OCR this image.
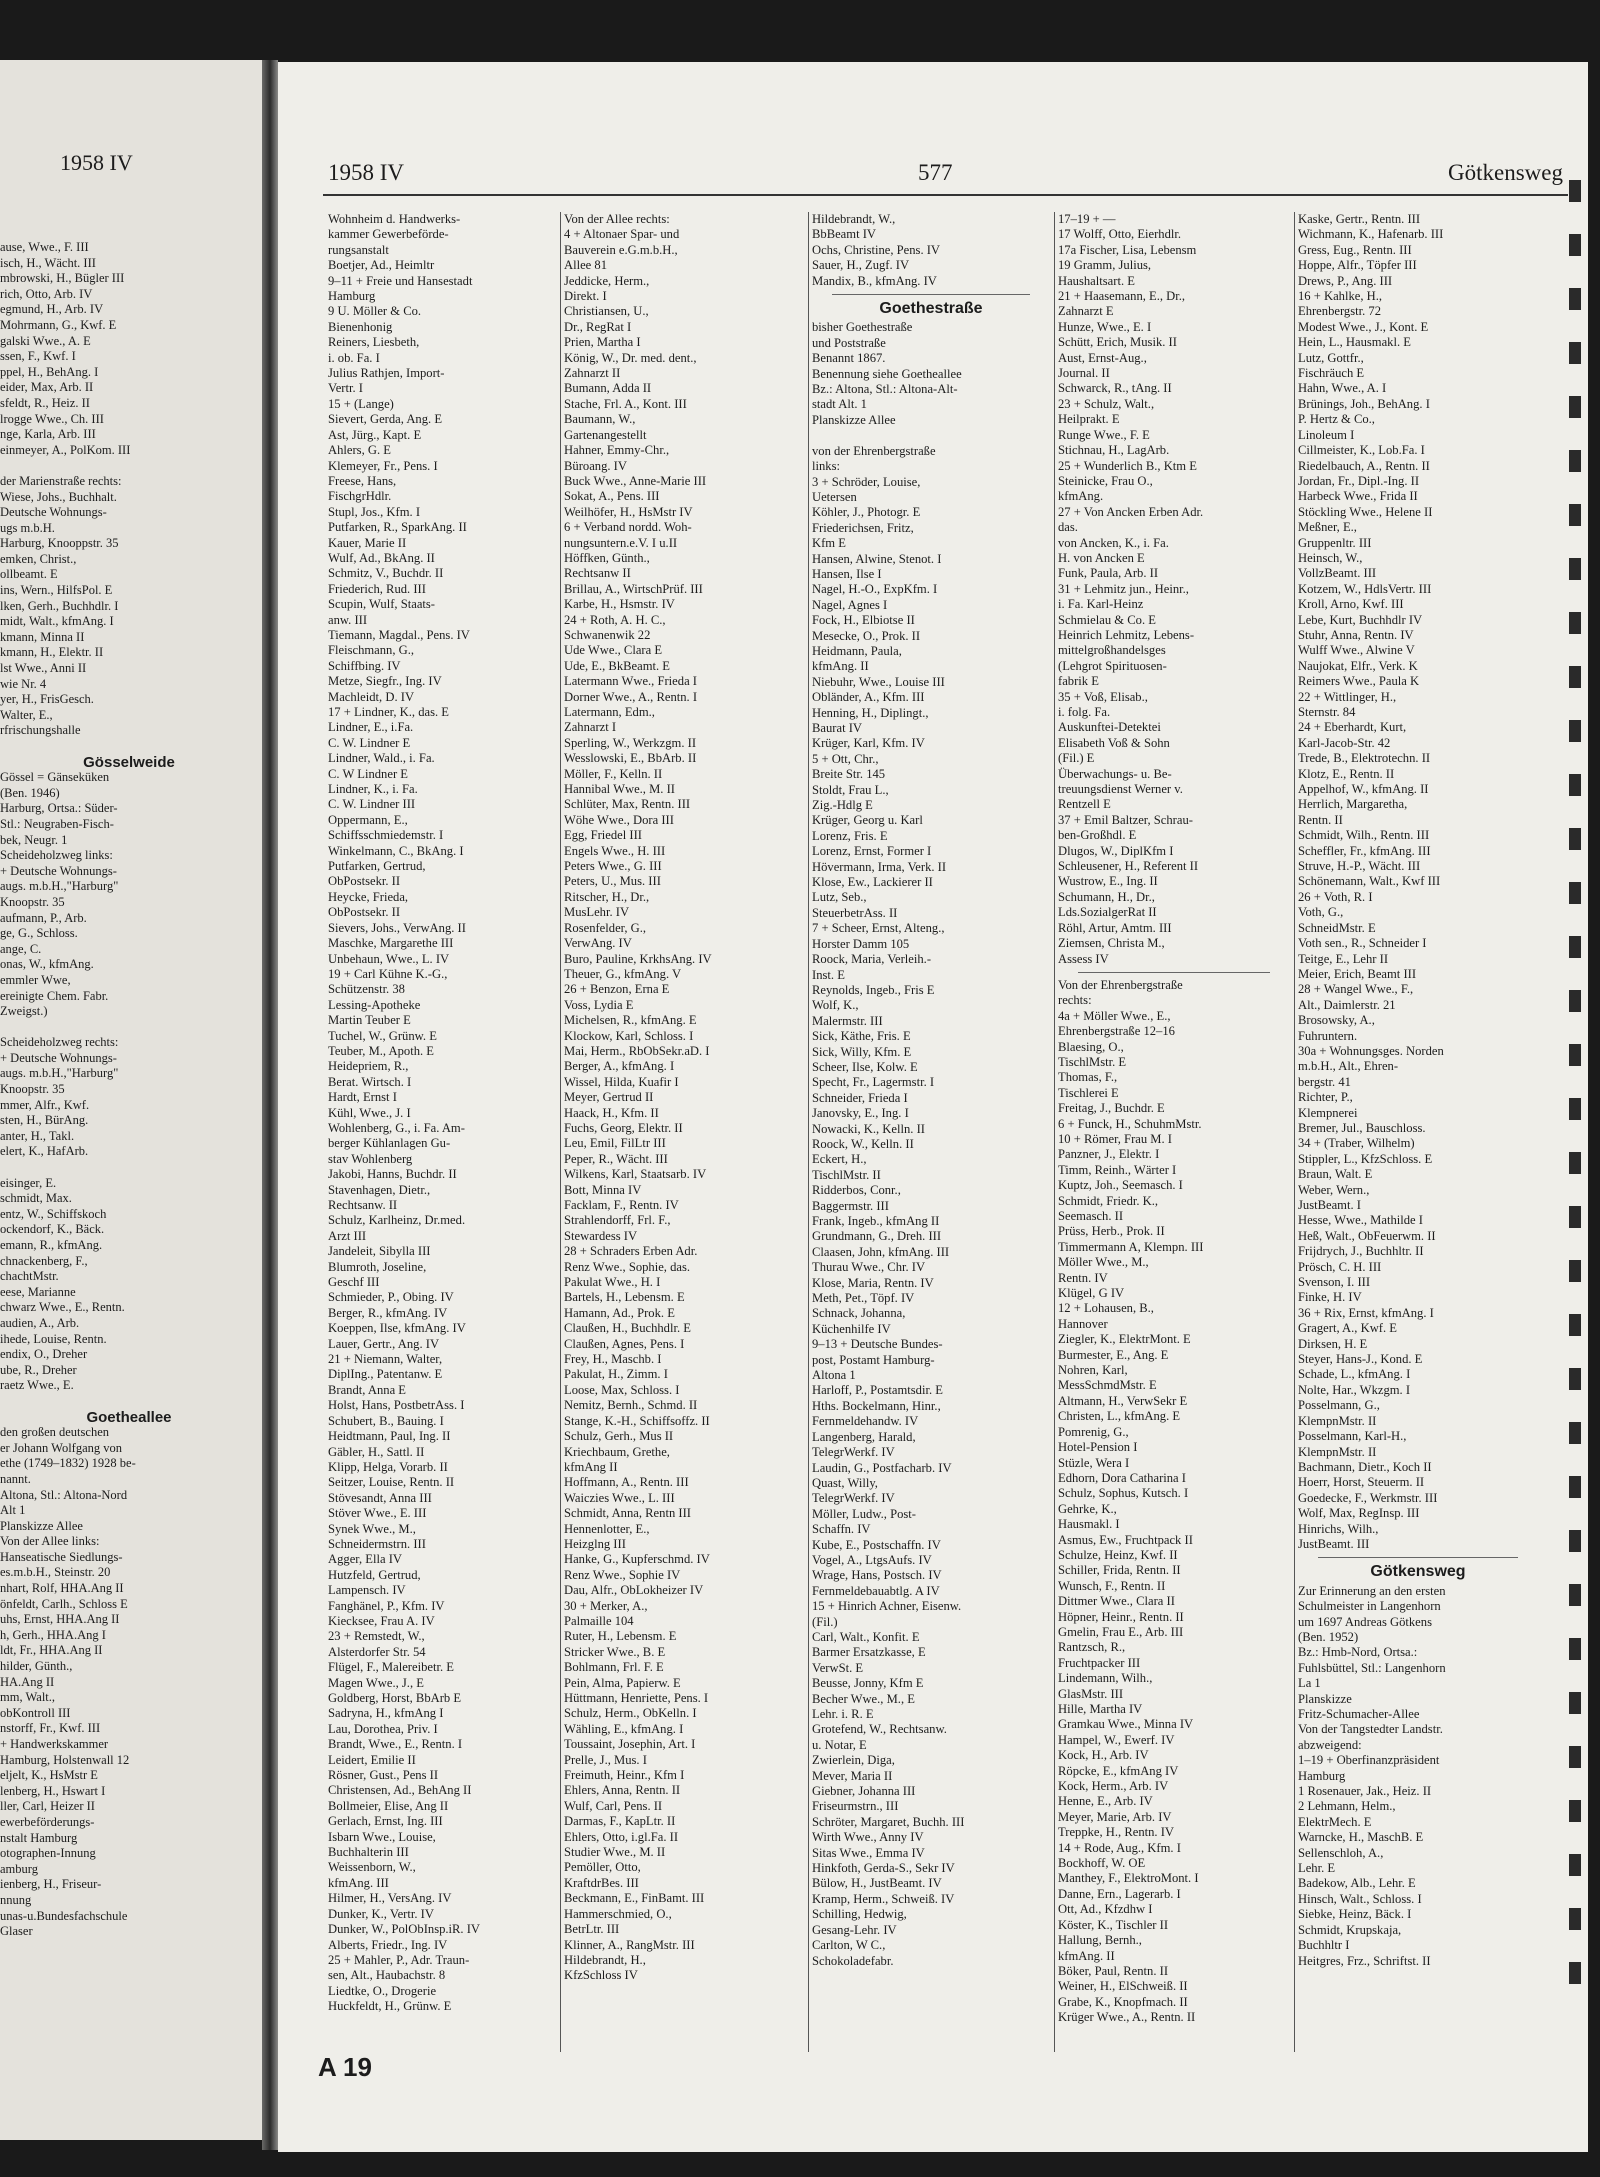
1958 IV
ause, Wwe., F. III
isch, H., Wächt. III
mbrowski, H., Bügler III
rich, Otto, Arb. IV
egmund, H., Arb. IV
Mohrmann, G., Kwf. E
galski Wwe., A. E
ssen, F., Kwf. I
ppel, H., BehAng. I
eider, Max, Arb. II
sfeldt, R., Heiz. II
lrogge Wwe., Ch. III
nge, Karla, Arb. III
einmeyer, A., PolKom. III

der Marienstraße rechts:
Wiese, Johs., Buchhalt.
Deutsche Wohnungs-
ugs m.b.H.
Harburg, Knooppstr. 35
emken, Christ.,
ollbeamt. E
ins, Wern., HilfsPol. E
lken, Gerh., Buchhdlr. I
midt, Walt., kfmAng. I
kmann, Minna II
kmann, H., Elektr. II
lst Wwe., Anni II
wie Nr. 4
yer, H., FrisGesch.
Walter, E.,
rfrischungshalle

Gösselweide
Gössel = Gänseküken
(Ben. 1946)
Harburg, Ortsa.: Süder-
Stl.: Neugraben-Fisch-
bek, Neugr. 1
Scheideholzweg links:
+ Deutsche Wohnungs-
augs. m.b.H.,"Harburg"
Knoopstr. 35
aufmann, P., Arb.
ge, G., Schloss.
ange, C.
onas, W., kfmAng.
emmler Wwe,
ereinigte Chem. Fabr.
Zweigst.)

Scheideholzweg rechts:
+ Deutsche Wohnungs-
augs. m.b.H.,"Harburg"
Knoopstr. 35
mmer, Alfr., Kwf.
sten, H., BürAng.
anter, H., Takl.
elert, K., HafArb.

eisinger, E.
schmidt, Max.
entz, W., Schiffskoch
ockendorf, K., Bäck.
emann, R., kfmAng.
chnackenberg, F.,
chachtMstr.
eese, Marianne
chwarz Wwe., E., Rentn.
audien, A., Arb.
ihede, Louise, Rentn.
endix, O., Dreher
ube, R., Dreher
raetz Wwe., E.

Goetheallee
den großen deutschen
er Johann Wolfgang von
ethe (1749–1832) 1928 be-
nannt.
Altona, Stl.: Altona-Nord
Alt 1
Planskizze Allee
Von der Allee links:
Hanseatische Siedlungs-
es.m.b.H., Steinstr. 20
nhart, Rolf, HHA.Ang II
önfeldt, Carlh., Schloss E
uhs, Ernst, HHA.Ang II
h, Gerh., HHA.Ang I
ldt, Fr., HHA.Ang II
hilder, Günth.,
HA.Ang II
mm, Walt.,
obKontroll III
nstorff, Fr., Kwf. III
+ Handwerkskammer
Hamburg, Holstenwall 12
eljelt, K., HsMstr E
lenberg, H., Hswart I
ller, Carl, Heizer II
ewerbeförderungs-
nstalt Hamburg
otographen-Innung
amburg
ienberg, H., Friseur-
nnung
unas-u.Bundesfachschule
Glaser
1958 IV	577	Götkensweg
Wohnheim d. Handwerks-
kammer Gewerbeförde-
rungsanstalt
Boetjer, Ad., Heimltr
9–11 + Freie und Hansestadt
Hamburg
9 U. Möller & Co.
Bienenhonig
Reiners, Liesbeth,
i. ob. Fa. I
Julius Rathjen, Import-
Vertr. I
15 + (Lange)
Sievert, Gerda, Ang. E
Ast, Jürg., Kapt. E
Ahlers, G. E
Klemeyer, Fr., Pens. I
Freese, Hans,
FischgrHdlr.
Stupl, Jos., Kfm. I
Putfarken, R., SparkAng. II
Kauer, Marie II
Wulf, Ad., BkAng. II
Schmitz, V., Buchdr. II
Friederich, Rud. III
Scupin, Wulf, Staats-
anw. III
Tiemann, Magdal., Pens. IV
Fleischmann, G.,
Schiffbing. IV
Metze, Siegfr., Ing. IV
Machleidt, D. IV
17 + Lindner, K., das. E
Lindner, E., i.Fa.
C. W. Lindner E
Lindner, Wald., i. Fa.
C. W Lindner E
Lindner, K., i. Fa.
C. W. Lindner III
Oppermann, E.,
Schiffsschmiedemstr. I
Winkelmann, C., BkAng. I
Putfarken, Gertrud,
ObPostsekr. II
Heycke, Frieda,
ObPostsekr. II
Sievers, Johs., VerwAng. II
Maschke, Margarethe III
Unbehaun, Wwe., L. IV
19 + Carl Kühne K.-G.,
Schützenstr. 38
Lessing-Apotheke
Martin Teuber E
Tuchel, W., Grünw. E
Teuber, M., Apoth. E
Heidepriem, R.,
Berat. Wirtsch. I
Hardt, Ernst I
Kühl, Wwe., J. I
Wohlenberg, G., i. Fa. Am-
berger Kühlanlagen Gu-
stav Wohlenberg
Jakobi, Hanns, Buchdr. II
Stavenhagen, Dietr.,
Rechtsanw. II
Schulz, Karlheinz, Dr.med.
Arzt III
Jandeleit, Sibylla III
Blumroth, Joseline,
Geschf III
Schmieder, P., Obing. IV
Berger, R., kfmAng. IV
Koeppen, Ilse, kfmAng. IV
Lauer, Gertr., Ang. IV
21 + Niemann, Walter,
DiplIng., Patentanw. E
Brandt, Anna E
Holst, Hans, PostbetrAss. I
Schubert, B., Bauing. I
Heidtmann, Paul, Ing. II
Gäbler, H., Sattl. II
Klipp, Helga, Vorarb. II
Seitzer, Louise, Rentn. II
Stövesandt, Anna III
Stöver Wwe., E. III
Synek Wwe., M.,
Schneidermstrn. III
Agger, Ella IV
Hutzfeld, Gertrud,
Lampensch. IV
Fanghänel, P., Kfm. IV
Kiecksee, Frau A. IV
23 + Remstedt, W.,
Alsterdorfer Str. 54
Flügel, F., Malereibetr. E
Magen Wwe., J., E
Goldberg, Horst, BbArb E
Sadryna, H., kfmAng I
Lau, Dorothea, Priv. I
Brandt, Wwe., E., Rentn. I
Leidert, Emilie II
Rösner, Gust., Pens II
Christensen, Ad., BehAng II
Bollmeier, Elise, Ang II
Gerlach, Ernst, Ing. III
Isbarn Wwe., Louise,
Buchhalterin III
Weissenborn, W.,
kfmAng. III
Hilmer, H., VersAng. IV
Dunker, K., Vertr. IV
Dunker, W., PolObInsp.iR. IV
Alberts, Friedr., Ing. IV
25 + Mahler, P., Adr. Traun-
sen, Alt., Haubachstr. 8
Liedtke, O., Drogerie
Huckfeldt, H., Grünw. E
Von der Allee rechts:
4 + Altonaer Spar- und
Bauverein e.G.m.b.H.,
Allee 81
Jeddicke, Herm.,
Direkt. I
Christiansen, U.,
Dr., RegRat I
Prien, Martha I
König, W., Dr. med. dent.,
Zahnarzt II
Bumann, Adda II
Stache, Frl. A., Kont. III
Baumann, W.,
Gartenangestellt
Hahner, Emmy-Chr.,
Büroang. IV
Buck Wwe., Anne-Marie III
Sokat, A., Pens. III
Weilhöfer, H., HsMstr IV
6 + Verband nordd. Woh-
nungsuntern.e.V. I u.II
Höffken, Günth.,
Rechtsanw II
Brillau, A., WirtschPrüf. III
Karbe, H., Hsmstr. IV
24 + Roth, A. H. C.,
Schwanenwik 22
Ude Wwe., Clara E
Ude, E., BkBeamt. E
Latermann Wwe., Frieda I
Dorner Wwe., A., Rentn. I
Latermann, Edm.,
Zahnarzt I
Sperling, W., Werkzgm. II
Wesslowski, E., BbArb. II
Möller, F., Kelln. II
Hannibal Wwe., M. II
Schlüter, Max, Rentn. III
Wöhe Wwe., Dora III
Egg, Friedel III
Engels Wwe., H. III
Peters Wwe., G. III
Peters, U., Mus. III
Ritscher, H., Dr.,
MusLehr. IV
Rosenfelder, G.,
VerwAng. IV
Buro, Pauline, KrkhsAng. IV
Theuer, G., kfmAng. V
26 + Benzon, Erna E
Voss, Lydia E
Michelsen, R., kfmAng. E
Klockow, Karl, Schloss. I
Mai, Herm., RbObSekr.aD. I
Berger, A., kfmAng. I
Wissel, Hilda, Kuafir I
Meyer, Gertrud II
Haack, H., Kfm. II
Fuchs, Georg, Elektr. II
Leu, Emil, FilLtr III
Peper, R., Wächt. III
Wilkens, Karl, Staatsarb. IV
Bott, Minna IV
Facklam, F., Rentn. IV
Strahlendorff, Frl. F.,
Stewardess IV
28 + Schraders Erben Adr.
Renz Wwe., Sophie, das.
Pakulat Wwe., H. I
Bartels, H., Lebensm. E
Hamann, Ad., Prok. E
Claußen, H., Buchhdlr. E
Claußen, Agnes, Pens. I
Frey, H., Maschb. I
Pakulat, H., Zimm. I
Loose, Max, Schloss. I
Nemitz, Bernh., Schmd. II
Stange, K.-H., Schiffsoffz. II
Schulz, Gerh., Mus II
Kriechbaum, Grethe,
kfmAng II
Hoffmann, A., Rentn. III
Waiczies Wwe., L. III
Schmidt, Anna, Rentn III
Hennenlotter, E.,
Heizglng III
Hanke, G., Kupferschmd. IV
Renz Wwe., Sophie IV
Dau, Alfr., ObLokheizer IV
30 + Merker, A.,
Palmaille 104
Ruter, H., Lebensm. E
Stricker Wwe., B. E
Bohlmann, Frl. F. E
Pein, Alma, Papierw. E
Hüttmann, Henriette, Pens. I
Schulz, Herm., ObKelln. I
Wähling, E., kfmAng. I
Toussaint, Josephin, Art. I
Prelle, J., Mus. I
Freimuth, Heinr., Kfm I
Ehlers, Anna, Rentn. II
Wulf, Carl, Pens. II
Darmas, F., KapLtr. II
Ehlers, Otto, i.gl.Fa. II
Studier Wwe., M. II
Pemöller, Otto,
KraftdrBes. III
Beckmann, E., FinBamt. III
Hammerschmied, O.,
BetrLtr. III
Klinner, A., RangMstr. III
Hildebrandt, H.,
KfzSchloss IV
Hildebrandt, W.,
BbBeamt IV
Ochs, Christine, Pens. IV
Sauer, H., Zugf. IV
Mandix, B., kfmAng. IV
Goethestraße
bisher Goethestraße
und Poststraße
Benannt 1867.
Benennung siehe Goetheallee
Bz.: Altona, Stl.: Altona-Alt-
stadt Alt. 1
Planskizze Allee

von der Ehrenbergstraße
links:
3 + Schröder, Louise,
Uetersen
Köhler, J., Photogr. E
Friederichsen, Fritz,
Kfm E
Hansen, Alwine, Stenot. I
Hansen, Ilse I
Nagel, H.-O., ExpKfm. I
Nagel, Agnes I
Fock, H., Elbiotse II
Mesecke, O., Prok. II
Heidmann, Paula,
kfmAng. II
Niebuhr, Wwe., Louise III
Obländer, A., Kfm. III
Henning, H., Diplingt.,
Baurat IV
Krüger, Karl, Kfm. IV
5 + Ott, Chr.,
Breite Str. 145
Stoldt, Frau L.,
Zig.-Hdlg E
Krüger, Georg u. Karl
Lorenz, Fris. E
Lorenz, Ernst, Former I
Hövermann, Irma, Verk. II
Klose, Ew., Lackierer II
Lutz, Seb.,
SteuerbetrAss. II
7 + Scheer, Ernst, Alteng.,
Horster Damm 105
Roock, Maria, Verleih.-
Inst. E
Reynolds, Ingeb., Fris E
Wolf, K.,
Malermstr. III
Sick, Käthe, Fris. E
Sick, Willy, Kfm. E
Scheer, Ilse, Kolw. E
Specht, Fr., Lagermstr. I
Schneider, Frieda I
Janovsky, E., Ing. I
Nowacki, K., Kelln. II
Roock, W., Kelln. II
Eckert, H.,
TischlMstr. II
Ridderbos, Conr.,
Baggermstr. III
Frank, Ingeb., kfmAng II
Grundmann, G., Dreh. III
Claasen, John, kfmAng. III
Thurau Wwe., Chr. IV
Klose, Maria, Rentn. IV
Meth, Pet., Töpf. IV
Schnack, Johanna,
Küchenhilfe IV
9–13 + Deutsche Bundes-
post, Postamt Hamburg-
Altona 1
Harloff, P., Postamtsdir. E
Hths. Bockelmann, Hinr.,
Fernmeldehandw. IV
Langenberg, Harald,
TelegrWerkf. IV
Laudin, G., Postfacharb. IV
Quast, Willy,
TelegrWerkf. IV
Möller, Ludw., Post-
Schaffn. IV
Kube, E., Postschaffn. IV
Vogel, A., LtgsAufs. IV
Wrage, Hans, Postsch. IV
Fernmeldebauabtlg. A IV
15 + Hinrich Achner, Eisenw.
(Fil.)
Carl, Walt., Konfit. E
Barmer Ersatzkasse, E
VerwSt. E
Beusse, Jonny, Kfm E
Becher Wwe., M., E
Lehr. i. R. E
Grotefend, W., Rechtsanw.
u. Notar, E
Zwierlein, Diga,
Mever, Maria II
Giebner, Johanna III
Friseurmstrn., III
Schröter, Margaret, Buchh. III
Wirth Wwe., Anny IV
Sitas Wwe., Emma IV
Hinkfoth, Gerda-S., Sekr IV
Bülow, H., JustBeamt. IV
Kramp, Herm., Schweiß. IV
Schilling, Hedwig,
Gesang-Lehr. IV
Carlton, W C.,
Schokoladefabr.
17–19 + —
17 Wolff, Otto, Eierhdlr.
17a Fischer, Lisa, Lebensm
19 Gramm, Julius,
Haushaltsart. E
21 + Haasemann, E., Dr.,
Zahnarzt E
Hunze, Wwe., E. I
Schütt, Erich, Musik. II
Aust, Ernst-Aug.,
Journal. II
Schwarck, R., tAng. II
23 + Schulz, Walt.,
Heilprakt. E
Runge Wwe., F. E
Stichnau, H., LagArb.
25 + Wunderlich B., Ktm E
Steinicke, Frau O.,
kfmAng.
27 + Von Ancken Erben Adr.
das.
von Ancken, K., i. Fa.
H. von Ancken E
Funk, Paula, Arb. II
31 + Lehmitz jun., Heinr.,
i. Fa. Karl-Heinz
Schmielau & Co. E
Heinrich Lehmitz, Lebens-
mittelgroßhandelsges
(Lehgrot Spirituosen-
fabrik E
35 + Voß, Elisab.,
i. folg. Fa.
Auskunftei-Detektei
Elisabeth Voß & Sohn
(Fil.) E
Überwachungs- u. Be-
treuungsdienst Werner v.
Rentzell E
37 + Emil Baltzer, Schrau-
ben-Großhdl. E
Dlugos, W., DiplKfm I
Schleusener, H., Referent II
Wustrow, E., Ing. II
Schumann, H., Dr.,
Lds.SozialgerRat II
Röhl, Artur, Amtm. III
Ziemsen, Christa M.,
Assess IV
Von der Ehrenbergstraße
rechts:
4a + Möller Wwe., E.,
Ehrenbergstraße 12–16
Blaesing, O.,
TischlMstr. E
Thomas, F.,
Tischlerei E
Freitag, J., Buchdr. E
6 + Funck, H., SchuhmMstr.
10 + Römer, Frau M. I
Panzner, J., Elektr. I
Timm, Reinh., Wärter I
Kuptz, Joh., Seemasch. I
Schmidt, Friedr. K.,
Seemasch. II
Prüss, Herb., Prok. II
Timmermann A, Klempn. III
Möller Wwe., M.,
Rentn. IV
Klügel, G IV
12 + Lohausen, B.,
Hannover
Ziegler, K., ElektrMont. E
Burmester, E., Ang. E
Nohren, Karl,
MessSchmdMstr. E
Altmann, H., VerwSekr E
Christen, L., kfmAng. E
Pomrenig, G.,
Hotel-Pension I
Stüzle, Wera I
Edhorn, Dora Catharina I
Schulz, Sophus, Kutsch. I
Gehrke, K.,
Hausmakl. I
Asmus, Ew., Fruchtpack II
Schulze, Heinz, Kwf. II
Schiller, Frida, Rentn. II
Wunsch, F., Rentn. II
Dittmer Wwe., Clara II
Höpner, Heinr., Rentn. II
Gmelin, Frau E., Arb. III
Rantzsch, R.,
Fruchtpacker III
Lindemann, Wilh.,
GlasMstr. III
Hille, Martha IV
Gramkau Wwe., Minna IV
Hampel, W., Ewerf. IV
Kock, H., Arb. IV
Röpcke, E., kfmAng IV
Kock, Herm., Arb. IV
Henne, E., Arb. IV
Meyer, Marie, Arb. IV
Treppke, H., Rentn. IV
14 + Rode, Aug., Kfm. I
Bockhoff, W. OE
Manthey, F., ElektroMont. I
Danne, Ern., Lagerarb. I
Ott, Ad., Kfzdhw I
Köster, K., Tischler II
Hallung, Bernh.,
kfmAng. II
Böker, Paul, Rentn. II
Weiner, H., ElSchweiß. II
Grabe, K., Knopfmach. II
Krüger Wwe., A., Rentn. II
Kaske, Gertr., Rentn. III
Wichmann, K., Hafenarb. III
Gress, Eug., Rentn. III
Hoppe, Alfr., Töpfer III
Drews, P., Ang. III
16 + Kahlke, H.,
Ehrenbergstr. 72
Modest Wwe., J., Kont. E
Hein, L., Hausmakl. E
Lutz, Gottfr.,
Fischräuch E
Hahn, Wwe., A. I
Brünings, Joh., BehAng. I
P. Hertz & Co.,
Linoleum I
Cillmeister, K., Lob.Fa. I
Riedelbauch, A., Rentn. II
Jordan, Fr., Dipl.-Ing. II
Harbeck Wwe., Frida II
Stöckling Wwe., Helene II
Meßner, E.,
Gruppenltr. III
Heinsch, W.,
VollzBeamt. III
Kotzem, W., HdlsVertr. III
Kroll, Arno, Kwf. III
Lebe, Kurt, Buchhdlr IV
Stuhr, Anna, Rentn. IV
Wulff Wwe., Alwine V
Naujokat, Elfr., Verk. K
Reimers Wwe., Paula K
22 + Wittlinger, H.,
Sternstr. 84
24 + Eberhardt, Kurt,
Karl-Jacob-Str. 42
Trede, B., Elektrotechn. II
Klotz, E., Rentn. II
Appelhof, W., kfmAng. II
Herrlich, Margaretha,
Rentn. II
Schmidt, Wilh., Rentn. III
Scheffler, Fr., kfmAng. III
Struve, H.-P., Wächt. III
Schönemann, Walt., Kwf III
26 + Voth, R. I
Voth, G.,
SchneidMstr. E
Voth sen., R., Schneider I
Teitge, E., Lehr II
Meier, Erich, Beamt III
28 + Wangel Wwe., F.,
Alt., Daimlerstr. 21
Brosowsky, A.,
Fuhruntern.
30a + Wohnungsges. Norden
m.b.H., Alt., Ehren-
bergstr. 41
Richter, P.,
Klempnerei
Bremer, Jul., Bauschloss.
34 + (Traber, Wilhelm)
Stippler, L., KfzSchloss. E
Braun, Walt. E
Weber, Wern.,
JustBeamt. I
Hesse, Wwe., Mathilde I
Heß, Walt., ObFeuerwm. II
Frijdrych, J., Buchhltr. II
Prösch, C. H. III
Svenson, I. III
Finke, H. IV
36 + Rix, Ernst, kfmAng. I
Gragert, A., Kwf. E
Dirksen, H. E
Steyer, Hans-J., Kond. E
Schade, L., kfmAng. I
Nolte, Har., Wkzgm. I
Posselmann, G.,
KlempnMstr. II
Posselmann, Karl-H.,
KlempnMstr. II
Bachmann, Dietr., Koch II
Hoerr, Horst, Steuerm. II
Goedecke, F., Werkmstr. III
Wolf, Max, RegInsp. III
Hinrichs, Wilh.,
JustBeamt. III
Götkensweg
Zur Erinnerung an den ersten
Schulmeister in Langenhorn
um 1697 Andreas Götkens
(Ben. 1952)
Bz.: Hmb-Nord, Ortsa.:
Fuhlsbüttel, Stl.: Langenhorn
La 1
Planskizze
Fritz-Schumacher-Allee
Von der Tangstedter Landstr.
abzweigend:
1–19 + Oberfinanzpräsident
Hamburg
1 Rosenauer, Jak., Heiz. II
2 Lehmann, Helm.,
ElektrMech. E
Warncke, H., MaschB. E
Sellenschloh, A.,
Lehr. E
Badekow, Alb., Lehr. E
Hinsch, Walt., Schloss. I
Siebke, Heinz, Bäck. I
Schmidt, Krupskaja,
Buchhltr I
Heitgres, Frz., Schriftst. II
A 19
